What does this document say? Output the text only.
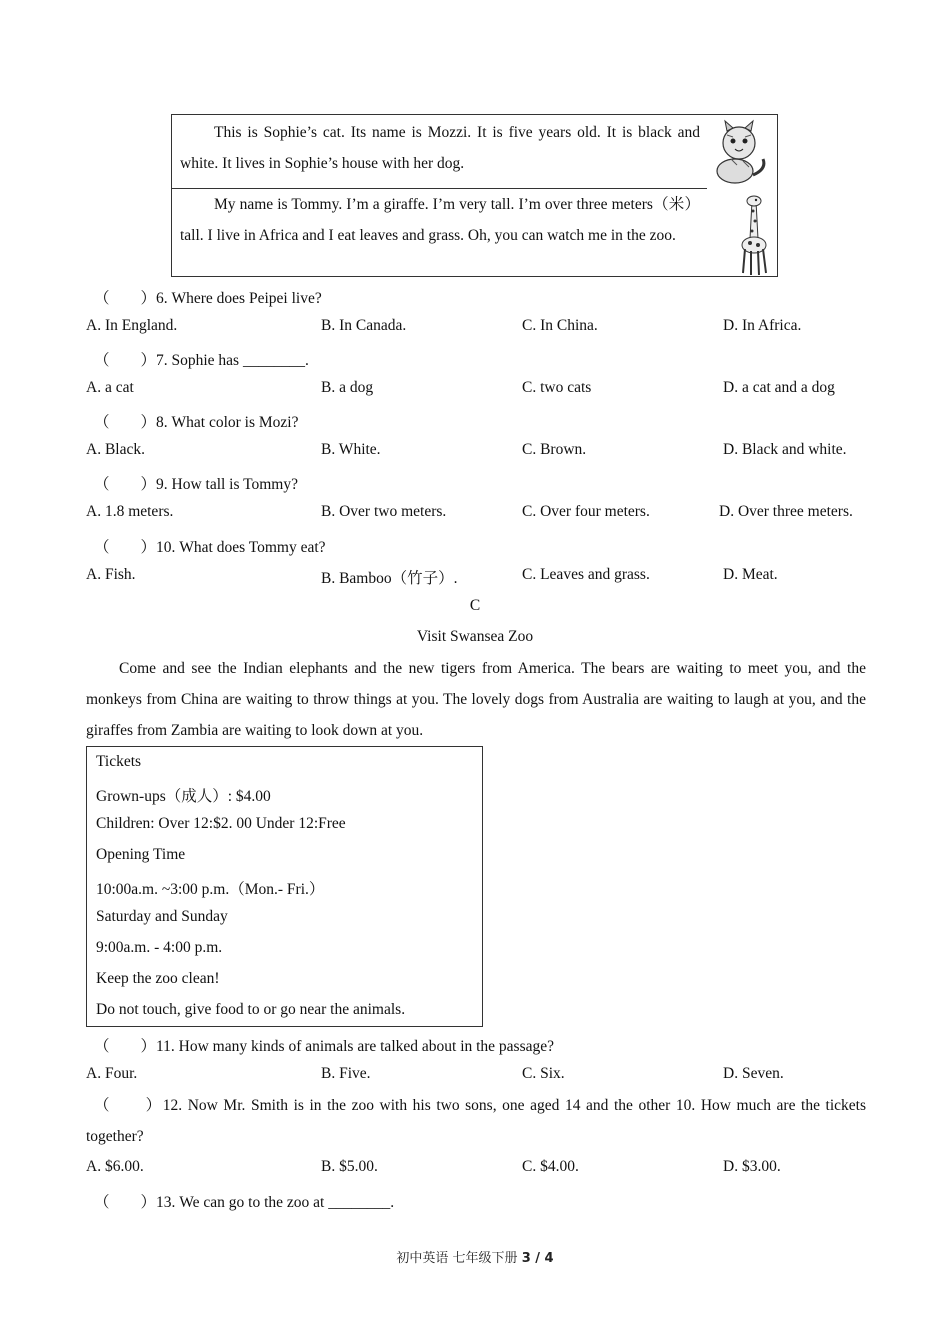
This is Sophie’s cat. Its name is Mozzi. It is five years old. It is black and white. It lives in Sophie’s house with her dog.

My name is Tommy. I’m a giraffe. I’m very tall. I’m over three meters（米）tall. I live in Africa and I eat leaves and grass. Oh, you can watch me in the zoo.

（　　）6. Where does Peipei live?
A. In England.	B. In Canada.	C. In China.	D. In Africa.
（　　）7. Sophie has ________.
A. a cat	B. a dog	C. two cats	D. a cat and a dog
（　　）8. What color is Mozi?
A. Black.	B. White.	C. Brown.	D. Black and white.
（　　）9. How tall is Tommy?
A. 1.8 meters.	B. Over two meters.	C. Over four meters.	D. Over three meters.
（　　）10. What does Tommy eat?
A. Fish.	B. Bamboo（竹子）.	C. Leaves and grass.	D. Meat.
C
Visit Swansea Zoo

Come and see the Indian elephants and the new tigers from America. The bears are waiting to meet you, and the monkeys from China are waiting to throw things at you. The lovely dogs from Australia are waiting to laugh at you, and the giraffes from Zambia are waiting to look down at you.

Tickets
Grown-ups（成人）: $4.00
Children: Over 12:$2. 00 Under 12:Free
Opening Time
10:00a.m. ~3:00 p.m.（Mon.- Fri.）
Saturday and Sunday
9:00a.m. - 4:00 p.m.
Keep the zoo clean!
Do not touch, give food to or go near the animals.
（　　）11. How many kinds of animals are talked about in the passage?
A. Four.	B. Five.	C. Six.	D. Seven.

（　　）12. Now Mr. Smith is in the zoo with his two sons, one aged 14 and the other 10. How much are the tickets together?

A. $6.00.	B. $5.00.	C. $4.00.	D. $3.00.
（　　）13. We can go to the zoo at ________.
初中英语 七年级下册 3 / 4
